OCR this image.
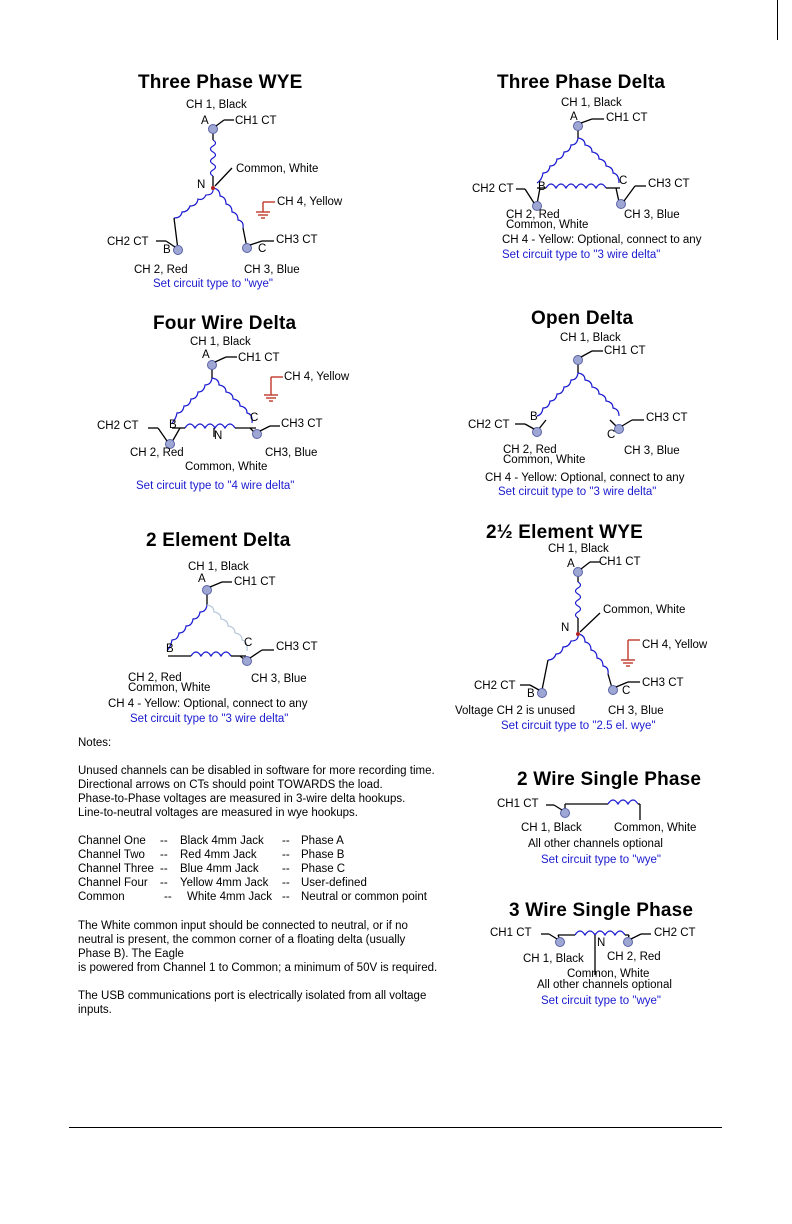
Three Phase WYE
CH 1, Black
A CH1 CT
Common, White
N
CH 4, Yellow
CH2 CT
B	C
CH3 CT
CH 2, Red	CH 3, Blue
Set circuit type to "wye"
Three Phase Delta
CH 1, Black
A CH1 CT
CH2 CT B	C CH3 CT
CH 2, Red
Common, White
CH 3, Blue
CH 4 - Yellow: Optional, connect to any
Set circuit type to "3 wire delta"
Four Wire Delta
CH 1, Black
A CH1 CT
CH 4, Yellow
CH2 CT	B
C CH3 CT
N
CH 2, Red	CH3, Blue
Common, White
Set circuit type to "4 wire delta"
Open Delta
CH 1, Black
CH1 CT
CH2 CT
B
C
CH3 CT
CH 2, Red
Common, White
CH 3, Blue
CH 4 - Yellow: Optional, connect to any
Set circuit type to "3 wire delta"
2 Element Delta
CH 1, Black
A CH1 CT
C CH3 CT
B
CH 2, Red
Common, White
CH 3, Blue
CH 4 - Yellow: Optional, connect to any
Set circuit type to "3 wire delta"
2½ Element WYE
CH 1, Black
A CH1 CT
Common, White
N
CH 4, Yellow
CH2 CT
B	C
CH3 CT
Voltage CH 2 is unused	CH 3, Blue
Set circuit type to "2.5 el. wye"
2 Wire Single Phase
CH1 CT
CH 1, Black	Common, White
All other channels optional
Set circuit type to "wye"
3 Wire Single Phase
CH1 CT	CH2 CT
N
CH 1, Black CH 2, Red
Common, White
All other channels optional
Set circuit type to "wye"
Notes:
Unused channels can be disabled in software for more recording time.
Directional arrows on CTs should point TOWARDS the load.
Phase-to-Phase voltages are measured in 3-wire delta hookups.
Line-to-neutral voltages are measured in wye hookups.
Channel One -- Black 4mm Jack -- Phase A
Channel Two -- Red 4mm Jack -- Phase B
Channel Three -- Blue 4mm Jack -- Phase C
Channel Four -- Yellow 4mm Jack -- User-defined
Common	-- White 4mm Jack -- Neutral or common point
The White common input should be connected to neutral, or if no
neutral is present, the common corner of a floating delta (usually
Phase B). The Eagle
is powered from Channel 1 to Common; a minimum of 50V is required.
The USB communications port is electrically isolated from all voltage
inputs.
